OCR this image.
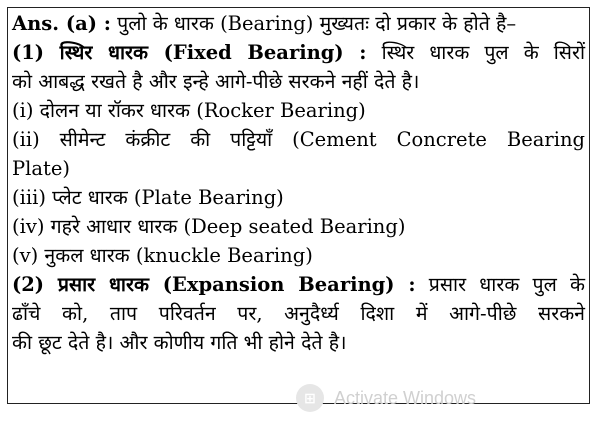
Ans. (a) : पुलो के धारक (Bearing) मुख्यतः दो प्रकार के होते है–
(1) स्थिर धारक (Fixed Bearing) : स्थिर धारक पुल के सिरों
को आबद्ध रखते है और इन्हे आगे-पीछे सरकने नहीं देते है।
(i) दोलन या रॉकर धारक (Rocker Bearing)
(ii) सीमेन्ट कंक्रीट की पट्टियाँ (Cement Concrete Bearing
Plate)
(iii) प्लेट धारक (Plate Bearing)
(iv) गहरे आधार धारक (Deep seated Bearing)
(v) नुकल धारक (knuckle Bearing)
(2) प्रसार धारक (Expansion Bearing) : प्रसार धारक पुल के
ढाँचे को, ताप परिवर्तन पर, अनुदैर्ध्य दिशा में आगे-पीछे सरकने
की छूट देते है। और कोणीय गति भी होने देते है।
⊞	Activate Windows
